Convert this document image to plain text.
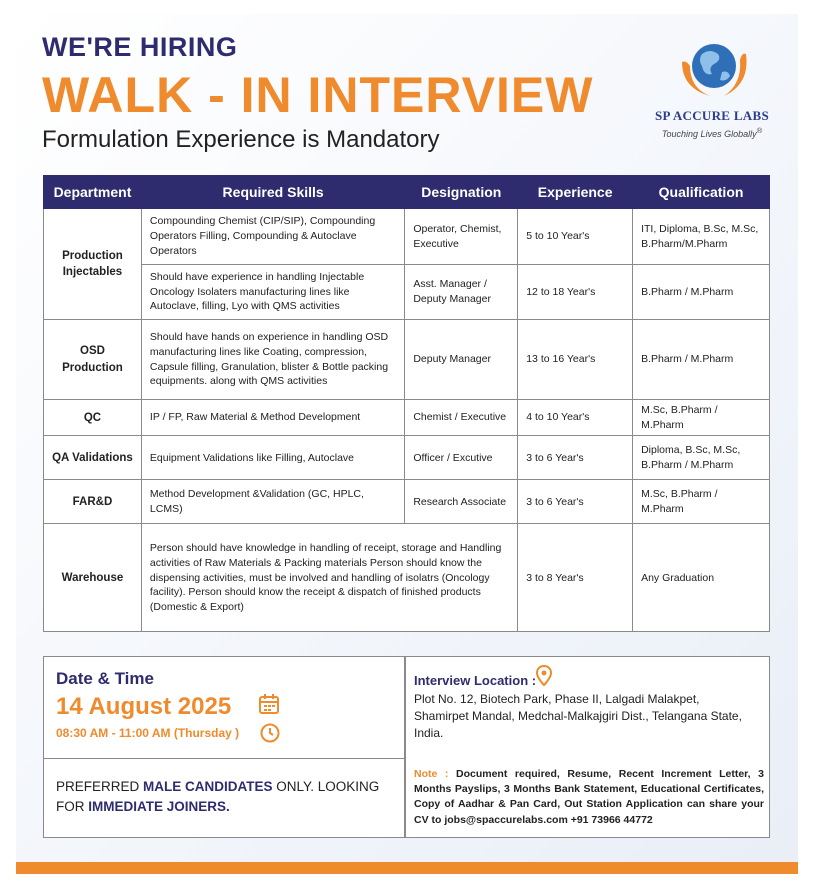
WE'RE HIRING
WALK - IN INTERVIEW
Formulation Experience is Mandatory
SP ACCURE LABS
Touching Lives Globally®
Department	Required Skills	Designation	Experience	Qualification
Production Injectables	Compounding Chemist (CIP/SIP), Compounding Operators Filling, Compounding & Autoclave Operators	Operator, Chemist, Executive	5 to 10 Year's	ITI, Diploma, B.Sc, M.Sc, B.Pharm/M.Pharm
	Should have experience in handling Injectable Oncology Isolaters manufacturing lines like Autoclave, filling, Lyo with QMS activities	Asst. Manager / Deputy Manager	12 to 18 Year's	B.Pharm / M.Pharm
OSD Production	Should have hands on experience in handling OSD manufacturing lines like Coating, compression, Capsule filling, Granulation, blister & Bottle packing equipments. along with QMS activities	Deputy Manager	13 to 16 Year's	B.Pharm / M.Pharm
QC	IP / FP, Raw Material & Method Development	Chemist / Executive	4 to 10 Year's	M.Sc, B.Pharm / M.Pharm
QA Validations	Equipment Validations like Filling, Autoclave	Officer / Excutive	3 to 6 Year's	Diploma, B.Sc, M.Sc, B.Pharm / M.Pharm
FAR&D	Method Development &Validation (GC, HPLC, LCMS)	Research Associate	3 to 6 Year's	M.Sc, B.Pharm / M.Pharm
Warehouse	Person should have knowledge in handling of receipt, storage and Handling activities of Raw Materials & Packing materials Person should know the dispensing activities, must be involved and handling of isolatrs (Oncology facility). Person should know the receipt & dispatch of finished products (Domestic & Export)		3 to 8 Year's	Any Graduation
Date & Time
14 August 2025
08:30 AM - 11:00 AM (Thursday )
PREFERRED MALE CANDIDATES ONLY. LOOKING FOR IMMEDIATE JOINERS.
Interview Location :
Plot No. 12, Biotech Park, Phase II, Lalgadi Malakpet, Shamirpet Mandal, Medchal-Malkajgiri Dist., Telangana State, India.
Note : Document required, Resume, Recent Increment Letter, 3 Months Payslips, 3 Months Bank Statement, Educational Certificates, Copy of Aadhar & Pan Card, Out Station Application can share your CV to jobs@spaccurelabs.com +91 73966 44772
